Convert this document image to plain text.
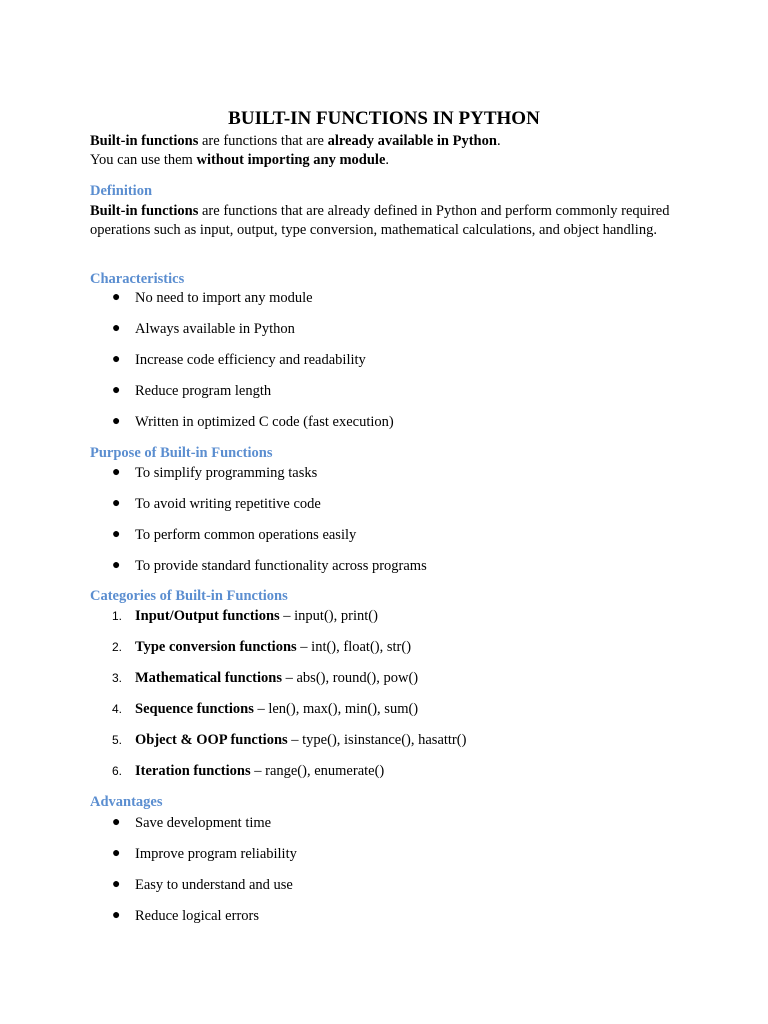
BUILT-IN FUNCTIONS IN PYTHON
Built-in functions are functions that are already available in Python.
You can use them without importing any module.
Definition

Built-in functions are functions that are already defined in Python and perform commonly required operations such as input, output, type conversion, mathematical calculations, and object handling.

Characteristics
●	No need to import any module
●	Always available in Python
●	Increase code efficiency and readability
●	Reduce program length
●	Written in optimized C code (fast execution)
Purpose of Built-in Functions
●	To simplify programming tasks
●	To avoid writing repetitive code
●	To perform common operations easily
●	To provide standard functionality across programs
Categories of Built-in Functions
1. Input/Output functions – input(), print()
2. Type conversion functions – int(), float(), str()
3. Mathematical functions – abs(), round(), pow()
4. Sequence functions – len(), max(), min(), sum()
5. Object & OOP functions – type(), isinstance(), hasattr()
6. Iteration functions – range(), enumerate()
Advantages
●	Save development time
●	Improve program reliability
●	Easy to understand and use
●	Reduce logical errors
